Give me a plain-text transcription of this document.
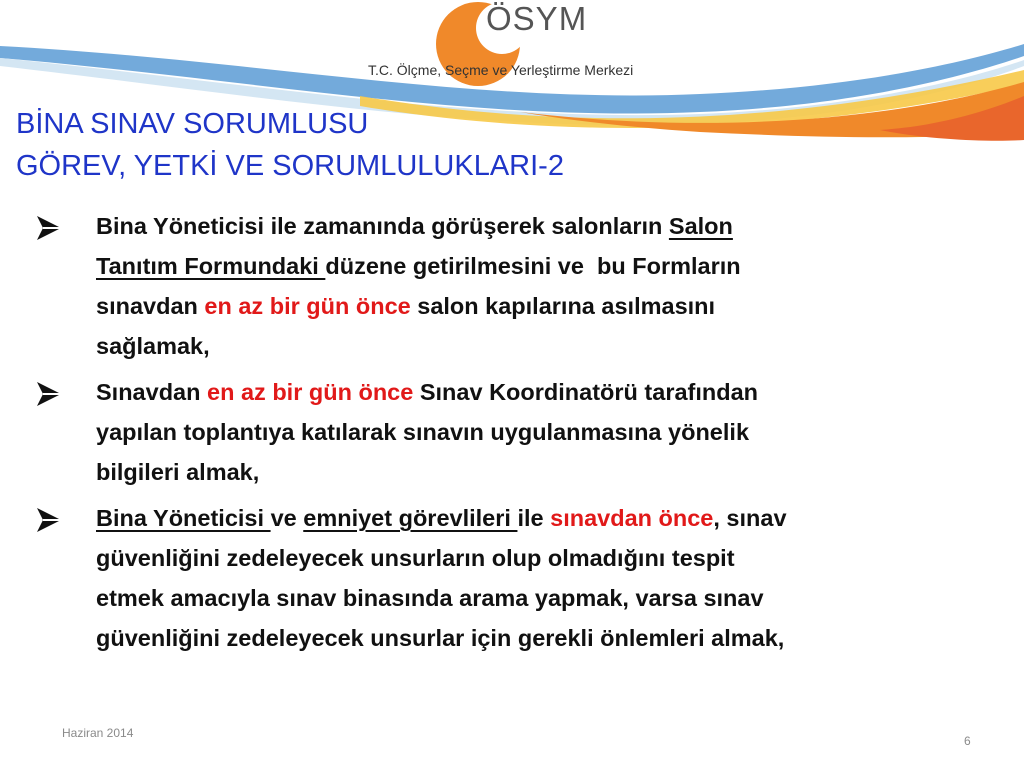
ÖSYM
T.C. Ölçme, Seçme ve Yerleştirme Merkezi
BİNA SINAV SORUMLUSU
GÖREV, YETKİ VE SORUMLULUKLARI-2
Bina Yöneticisi ile zamanında görüşerek salonların Salon
Tanıtım Formundaki düzene getirilmesini ve  bu Formların
sınavdan en az bir gün önce salon kapılarına asılmasını
sağlamak,
Sınavdan en az bir gün önce Sınav Koordinatörü tarafından
yapılan toplantıya katılarak sınavın uygulanmasına yönelik
bilgileri almak,
Bina Yöneticisi ve emniyet görevlileri ile sınavdan önce, sınav
güvenliğini zedeleyecek unsurların olup olmadığını tespit
etmek amacıyla sınav binasında arama yapmak, varsa sınav
güvenliğini zedeleyecek unsurlar için gerekli önlemleri almak,
Haziran 2014
6
